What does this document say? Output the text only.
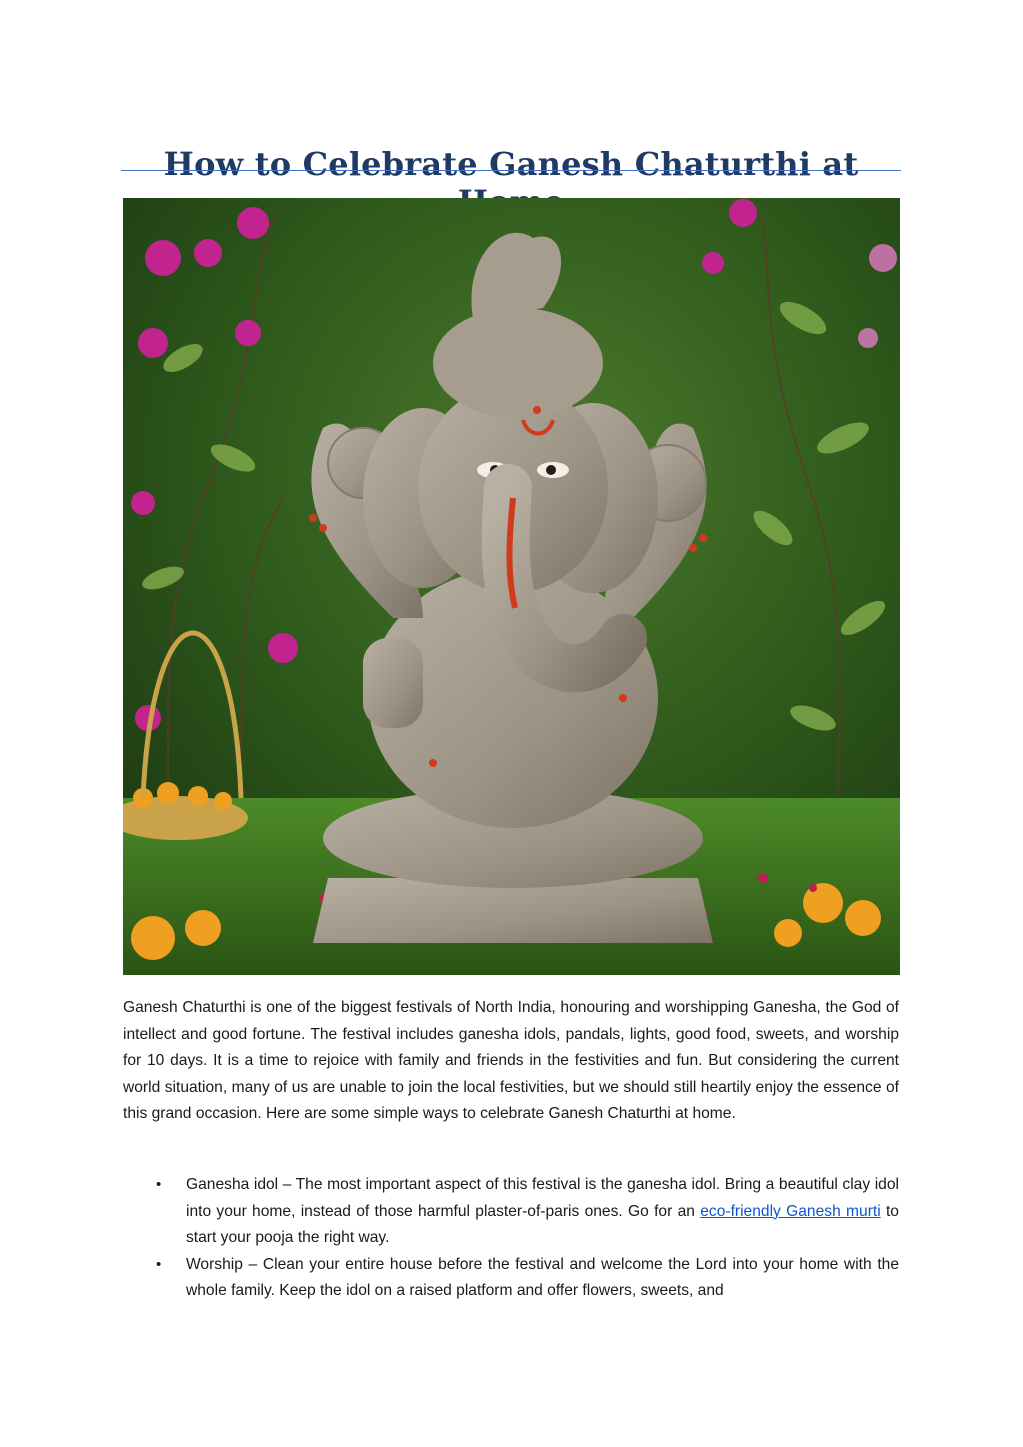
How to Celebrate Ganesh Chaturthi at

Ganesh Chaturthi is one of the biggest festivals of North India, honouring and worshipping Ganesha, the God of intellect and good fortune. The festival includes ganesha idols, pandals, lights, good food, sweets, and worship for 10 days. It is a time to rejoice with family and friends in the festivities and fun. But considering the current world situation, many of us are unable to join the local festivities, but we should still heartily enjoy the essence of this grand occasion. Here are some simple ways to celebrate Ganesh Chaturthi at home.

• Ganesha idol – The most important aspect of this festival is the ganesha idol. Bring a beautiful clay idol into your home, instead of those harmful plaster-of-paris ones. Go for an eco-friendly Ganesh murti to start your pooja the right way.
• Worship – Clean your entire house before the festival and welcome the Lord into your home with the whole family. Keep the idol on a raised platform and offer flowers, sweets, and
